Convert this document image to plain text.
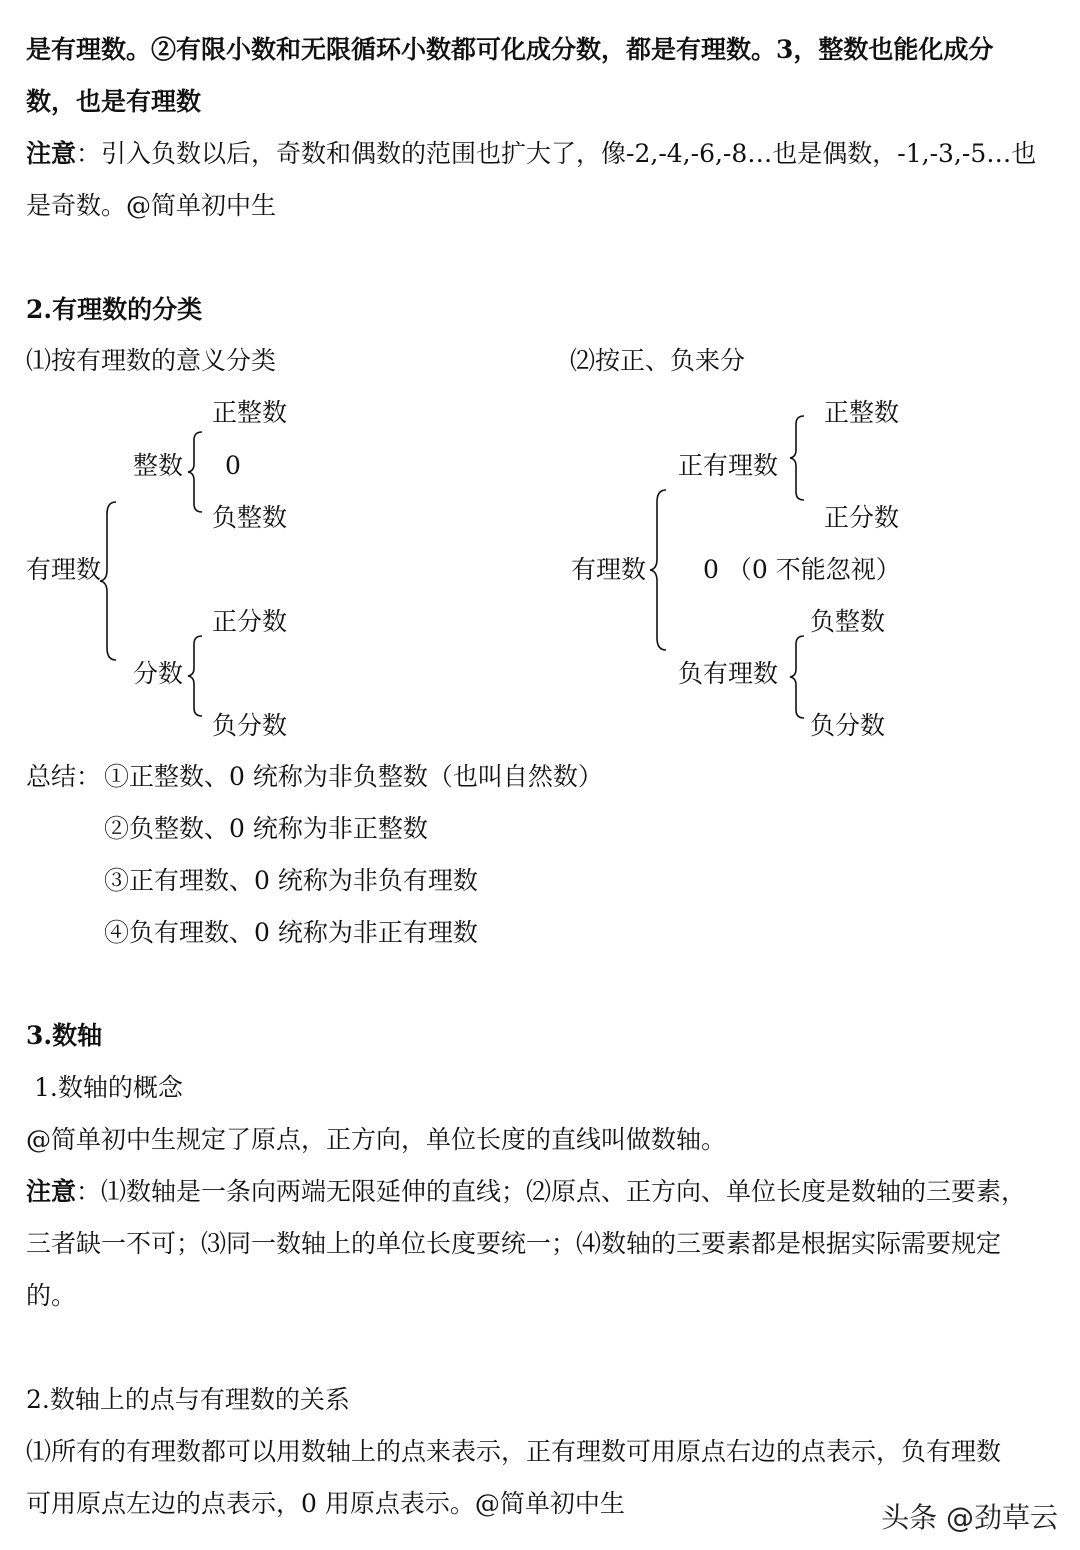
是有理数。②有限小数和无限循环小数都可化成分数，都是有理数。3，整数也能化成分
数，也是有理数
注意：引入负数以后，奇数和偶数的范围也扩大了，像-2,-4,-6,-8…也是偶数，-1,-3,-5…也
是奇数。@简单初中生
2.有理数的分类
⑴按有理数的意义分类	⑵按正、负来分
有理数
整数
正整数
0
负整数
分数
正分数
负分数
有理数
正有理数
正整数
正分数
0 （0 不能忽视）
负有理数
负整数
负分数
总结： ①正整数、0 统称为非负整数（也叫自然数）
②负整数、0 统称为非正整数
③正有理数、0 统称为非负有理数
④负有理数、0 统称为非正有理数
3.数轴
1.数轴的概念
@简单初中生规定了原点，正方向，单位长度的直线叫做数轴。
注意：⑴数轴是一条向两端无限延伸的直线；⑵原点、正方向、单位长度是数轴的三要素，
三者缺一不可；⑶同一数轴上的单位长度要统一；⑷数轴的三要素都是根据实际需要规定
的。
2.数轴上的点与有理数的关系
⑴所有的有理数都可以用数轴上的点来表示，正有理数可用原点右边的点表示，负有理数
可用原点左边的点表示，0 用原点表示。@简单初中生	头条 @劲草云
